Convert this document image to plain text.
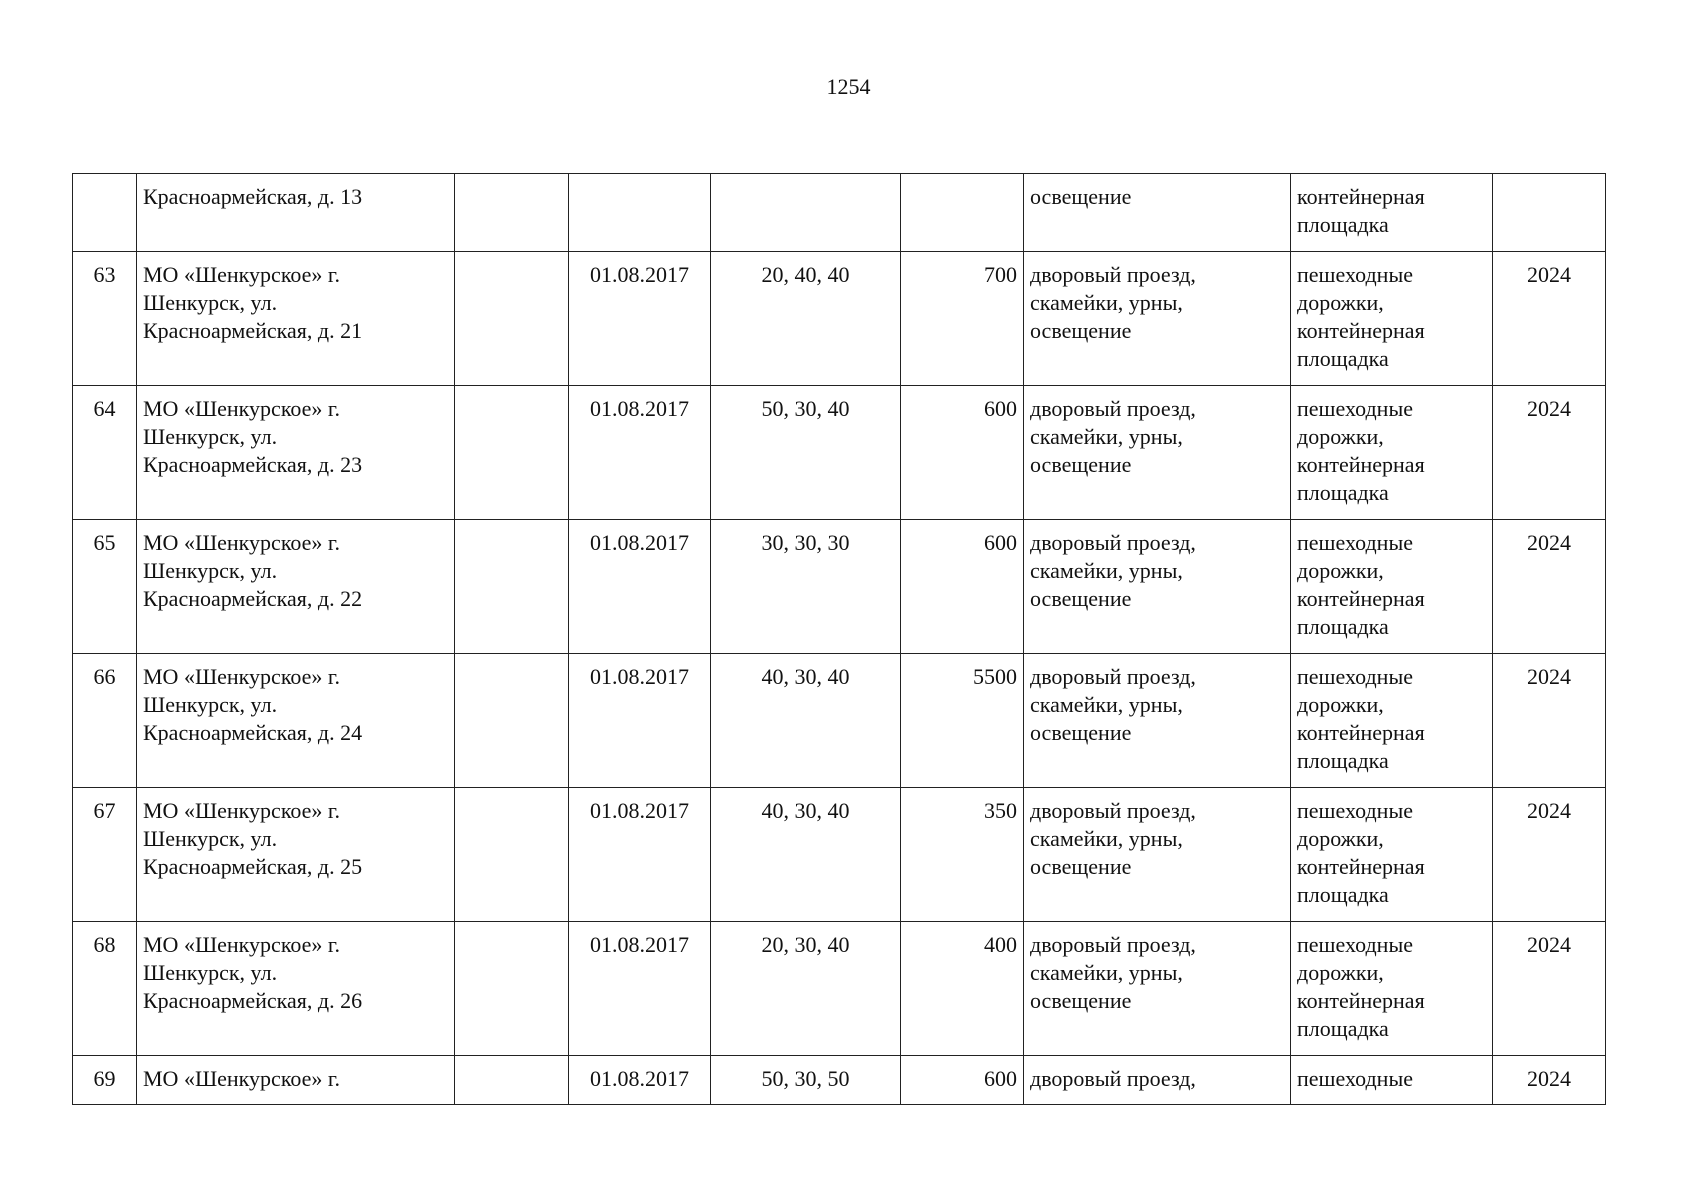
1254

	Красноармейская, д. 13					освещение	контейнерная
площадка	

63	МО «Шенкурское» г.
Шенкурск, ул.
Красноармейская, д. 21		01.08.2017	20, 40, 40	700	дворовый проезд,
скамейки, урны,
освещение	пешеходные
дорожки,
контейнерная
площадка	2024

64	МО «Шенкурское» г.
Шенкурск, ул.
Красноармейская, д. 23		01.08.2017	50, 30, 40	600	дворовый проезд,
скамейки, урны,
освещение	пешеходные
дорожки,
контейнерная
площадка	2024

65	МО «Шенкурское» г.
Шенкурск, ул.
Красноармейская, д. 22		01.08.2017	30, 30, 30	600	дворовый проезд,
скамейки, урны,
освещение	пешеходные
дорожки,
контейнерная
площадка	2024

66	МО «Шенкурское» г.
Шенкурск, ул.
Красноармейская, д. 24		01.08.2017	40, 30, 40	5500	дворовый проезд,
скамейки, урны,
освещение	пешеходные
дорожки,
контейнерная
площадка	2024

67	МО «Шенкурское» г.
Шенкурск, ул.
Красноармейская, д. 25		01.08.2017	40, 30, 40	350	дворовый проезд,
скамейки, урны,
освещение	пешеходные
дорожки,
контейнерная
площадка	2024

68	МО «Шенкурское» г.
Шенкурск, ул.
Красноармейская, д. 26		01.08.2017	20, 30, 40	400	дворовый проезд,
скамейки, урны,
освещение	пешеходные
дорожки,
контейнерная
площадка	2024

69	МО «Шенкурское» г.		01.08.2017	50, 30, 50	600	дворовый проезд,	пешеходные	2024
